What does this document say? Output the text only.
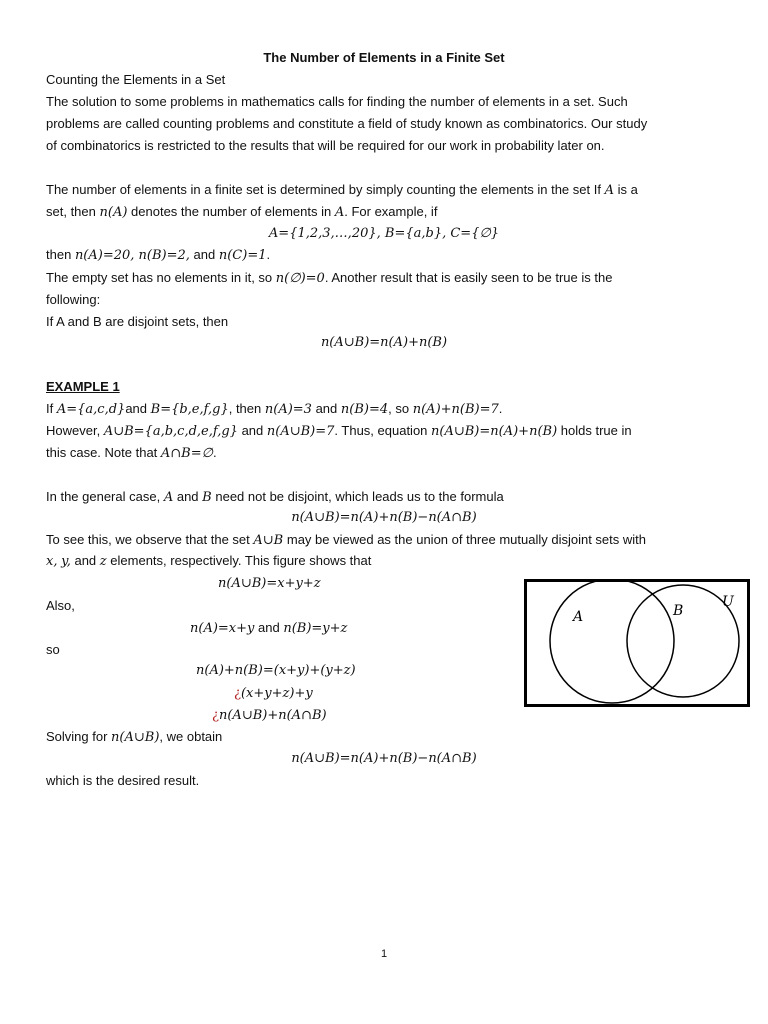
The Number of Elements in a Finite Set
Counting the Elements in a Set
The solution to some problems in mathematics calls for finding the number of elements in a set. Such
problems are called counting problems and constitute a field of study known as combinatorics. Our study
of combinatorics is restricted to the results that will be required for our work in probability later on.
The number of elements in a finite set is determined by simply counting the elements in the set If A is a
set, then n(A) denotes the number of elements in A. For example, if
A={1,2,3,…,20}, B={a,b}, C={∅}
then n(A)=20, n(B)=2, and n(C)=1.
The empty set has no elements in it, so n(∅)=0. Another result that is easily seen to be true is the
following:
If A and B are disjoint sets, then
n(A∪B)=n(A)+n(B)
EXAMPLE 1
If A={a,c,d}and B={b,e,f,g}, then n(A)=3 and n(B)=4, so n(A)+n(B)=7.
However, A∪B={a,b,c,d,e,f,g} and n(A∪B)=7. Thus, equation n(A∪B)=n(A)+n(B) holds true in
this case. Note that A∩B=∅.
In the general case, A and B need not be disjoint, which leads us to the formula
n(A∪B)=n(A)+n(B)−n(A∩B)
To see this, we observe that the set A∪B may be viewed as the union of three mutually disjoint sets with
x, y, and z elements, respectively. This figure shows that
n(A∪B)=x+y+z
Also,
n(A)=x+y and n(B)=y+z
so
n(A)+n(B)=(x+y)+(y+z)
¿(x+y+z)+y
¿n(A∪B)+n(A∩B)
Solving for n(A∪B), we obtain
n(A∪B)=n(A)+n(B)−n(A∩B)
which is the desired result.
A	B
U
1
